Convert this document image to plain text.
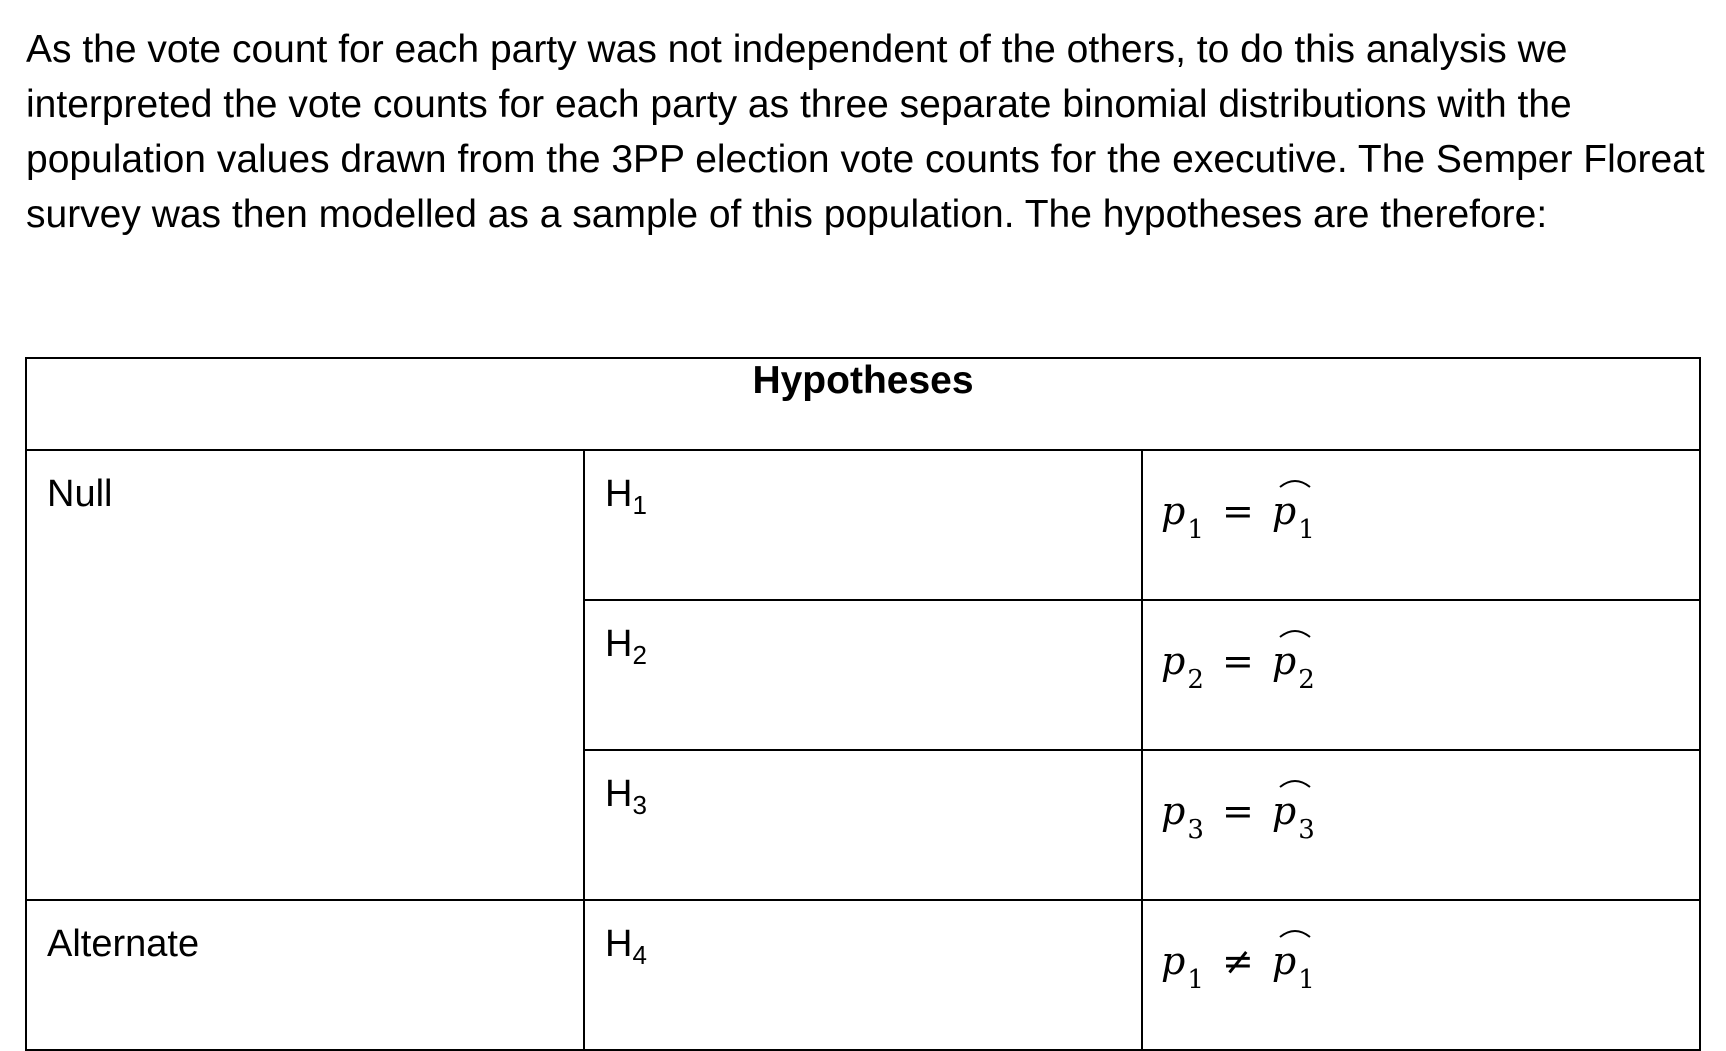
As the vote count for each party was not independent of the others, to do this analysis we interpreted the vote counts for each party as three separate binomial distributions with the population values drawn from the 3PP election vote counts for the executive. The Semper Floreat survey was then modelled as a sample of this population. The hypotheses are therefore:

Hypotheses		
Null	$H_1$	$p_1 = p_1$

	$H_2$	$p_2 = p_2$

	$H_3$	$p_3 = p_3$

Alternate	$H_4$	$p_1 \ne p_1$
